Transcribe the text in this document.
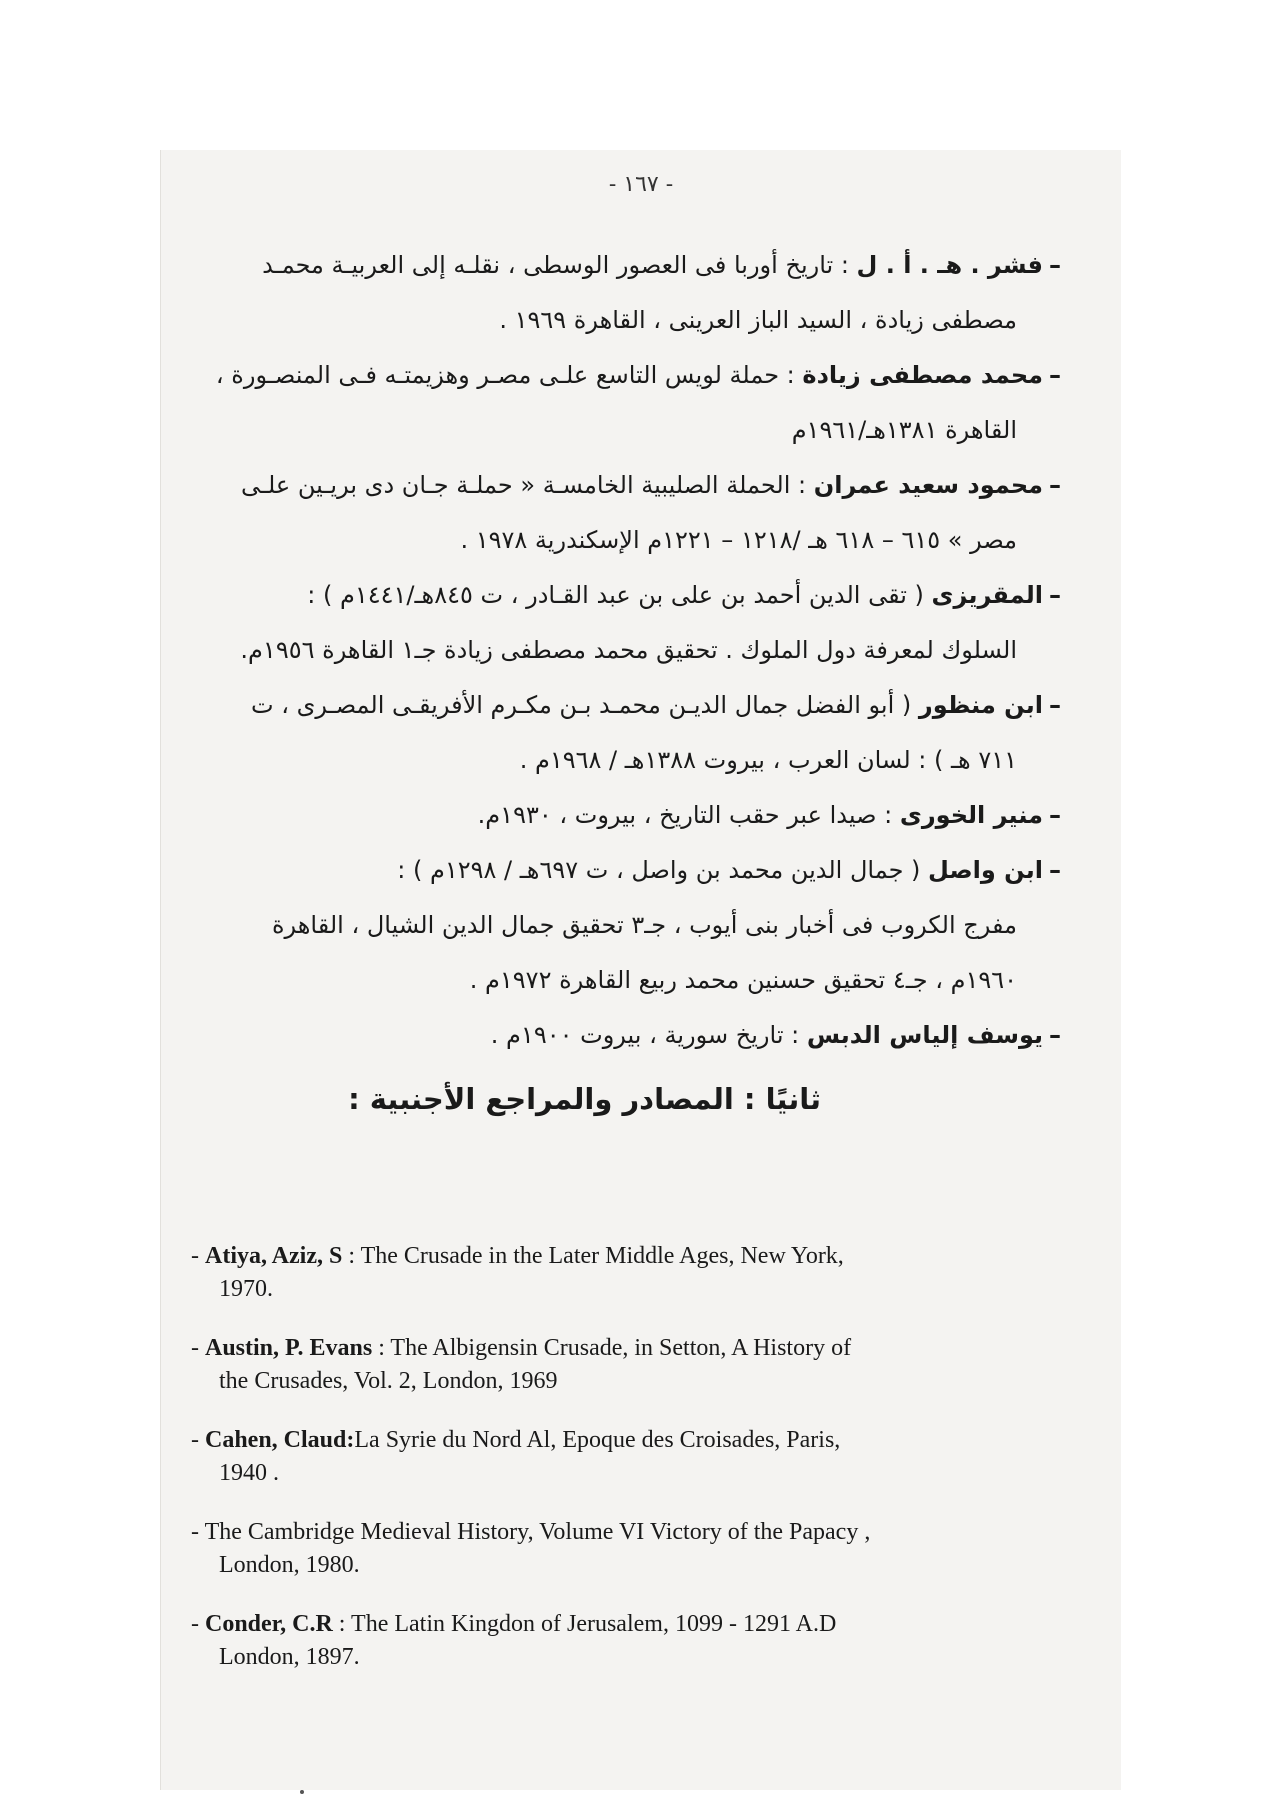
- ١٦٧ -

–فشر . هـ . أ . ل : تاريخ أوربا فى العصور الوسطى ، نقلـه إلى العربيـة محمـد
مصطفى زيادة ، السيد الباز العرينى ، القاهرة ١٩٦٩ .

–محمد مصطفى زيادة : حملة لويس التاسع علـى مصـر وهزيمتـه فـى المنصـورة ،
القاهرة ١٣٨١هـ/١٩٦١م

–محمود سعيد عمران : الحملة الصليبية الخامسـة « حملـة جـان دى بريـين علـى
مصر » ٦١٥ – ٦١٨ هـ /١٢١٨ – ١٢٢١م الإسكندرية ١٩٧٨ .

–المقريزى ( تقى الدين أحمد بن على بن عبد القـادر ، ت ٨٤٥هـ/١٤٤١م ) :
السلوك لمعرفة دول الملوك . تحقيق محمد مصطفى زيادة جـ١ القاهرة ١٩٥٦م.

–ابن منظور ( أبو الفضل جمال الديـن محمـد بـن مكـرم الأفريقـى المصـرى ، ت
٧١١ هـ ) : لسان العرب ، بيروت ١٣٨٨هـ / ١٩٦٨م .

–منير الخورى : صيدا عبر حقب التاريخ ، بيروت ، ١٩٣٠م.

–ابن واصل ( جمال الدين محمد بن واصل ، ت ٦٩٧هـ / ١٢٩٨م ) :
مفرج الكروب فى أخبار بنى أيوب ، جـ٣ تحقيق جمال الدين الشيال ، القاهرة
١٩٦٠م ، جـ٤ تحقيق حسنين محمد ربيع القاهرة ١٩٧٢م .

–يوسف إلياس الدبس : تاريخ سورية ، بيروت ١٩٠٠م .

ثانيًا : المصادر والمراجع الأجنبية :

- Atiya, Aziz, S : The Crusade in the Later Middle Ages, New York,
1970.

- Austin, P. Evans : The Albigensin Crusade, in Setton, A History of
the Crusades, Vol. 2, London, 1969

- Cahen, Claud:La Syrie du Nord Al, Epoque des Croisades, Paris,
1940 .

- The Cambridge Medieval History, Volume VI Victory of the Papacy ,
London, 1980.

- Conder, C.R : The Latin Kingdon of Jerusalem, 1099 - 1291 A.D
London, 1897.
